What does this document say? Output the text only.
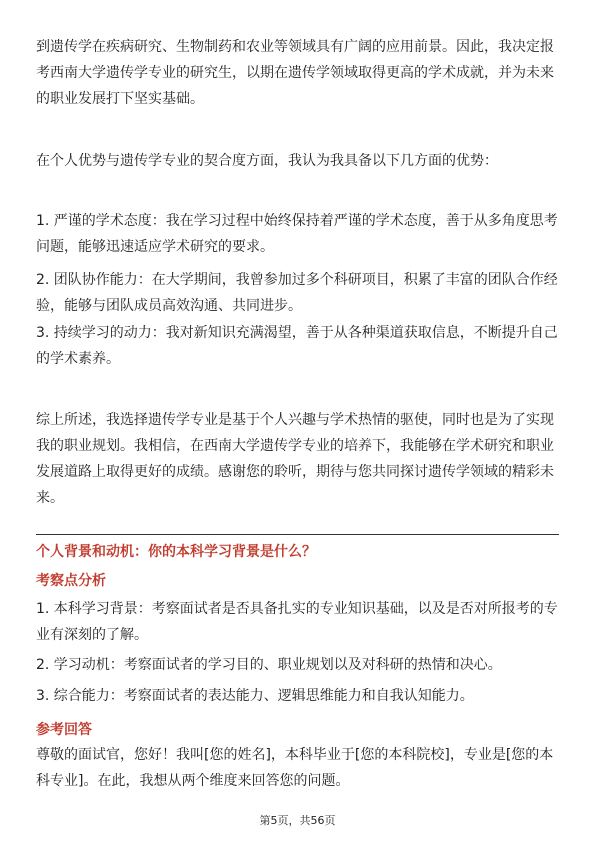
到遗传学在疾病研究、生物制药和农业等领域具有广阔的应用前景。因此，我决定报考西南大学遗传学专业的研究生，以期在遗传学领域取得更高的学术成就，并为未来的职业发展打下坚实基础。

在个人优势与遗传学专业的契合度方面，我认为我具备以下几方面的优势：

1. 严谨的学术态度：我在学习过程中始终保持着严谨的学术态度，善于从多角度思考问题，能够迅速适应学术研究的要求。

2. 团队协作能力：在大学期间，我曾参加过多个科研项目，积累了丰富的团队合作经验，能够与团队成员高效沟通、共同进步。

3. 持续学习的动力：我对新知识充满渴望，善于从各种渠道获取信息，不断提升自己的学术素养。

综上所述，我选择遗传学专业是基于个人兴趣与学术热情的驱使，同时也是为了实现我的职业规划。我相信，在西南大学遗传学专业的培养下，我能够在学术研究和职业发展道路上取得更好的成绩。感谢您的聆听，期待与您共同探讨遗传学领域的精彩未来。

个人背景和动机：你的本科学习背景是什么？

考察点分析

1. 本科学习背景：考察面试者是否具备扎实的专业知识基础，以及是否对所报考的专业有深刻的了解。

2. 学习动机：考察面试者的学习目的、职业规划以及对科研的热情和决心。

3. 综合能力：考察面试者的表达能力、逻辑思维能力和自我认知能力。

参考回答

尊敬的面试官，您好！我叫[您的姓名]，本科毕业于[您的本科院校]，专业是[您的本科专业]。在此，我想从两个维度来回答您的问题。

第5页，共56页
